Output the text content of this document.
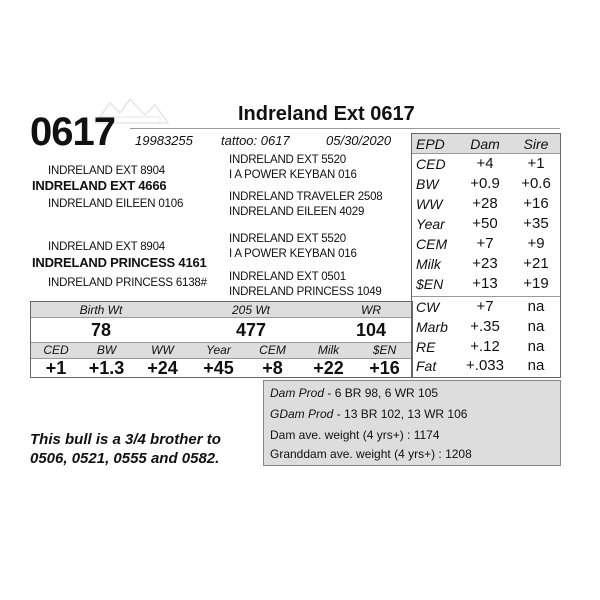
0617	Indreland Ext 0617
19983255 tattoo: 0617	05/30/2020
INDRELAND EXT 8904
INDRELAND EXT 4666
INDRELAND EILEEN 0106
INDRELAND EXT 8904
INDRELAND PRINCESS 4161
INDRELAND PRINCESS 6138#
INDRELAND EXT 5520
I A POWER KEYBAN 016
INDRELAND TRAVELER 2508
INDRELAND EILEEN 4029
INDRELAND EXT 5520
I A POWER KEYBAN 016
INDRELAND EXT 0501
INDRELAND PRINCESS 1049
Birth Wt	205 Wt	WR
78	477	104
CED	BW	WW	Year	CEM	Milk	$EN
+1	+1.3	+24	+45	+8	+22	+16
EPD	Dam	Sire
CED	+4	+1
BW	+0.9	+0.6
WW	+28	+16
Year	+50	+35
CEM	+7	+9
Milk	+23	+21
$EN	+13	+19
CW	+7	na
Marb	+.35	na
RE	+.12	na
Fat	+.033	na
Dam Prod - 6 BR 98, 6 WR 105
GDam Prod - 13 BR 102, 13 WR 106
Dam ave. weight (4 yrs+) : 1174
Granddam ave. weight (4 yrs+) : 1208
This bull is a 3/4 brother to
0506, 0521, 0555 and 0582.
